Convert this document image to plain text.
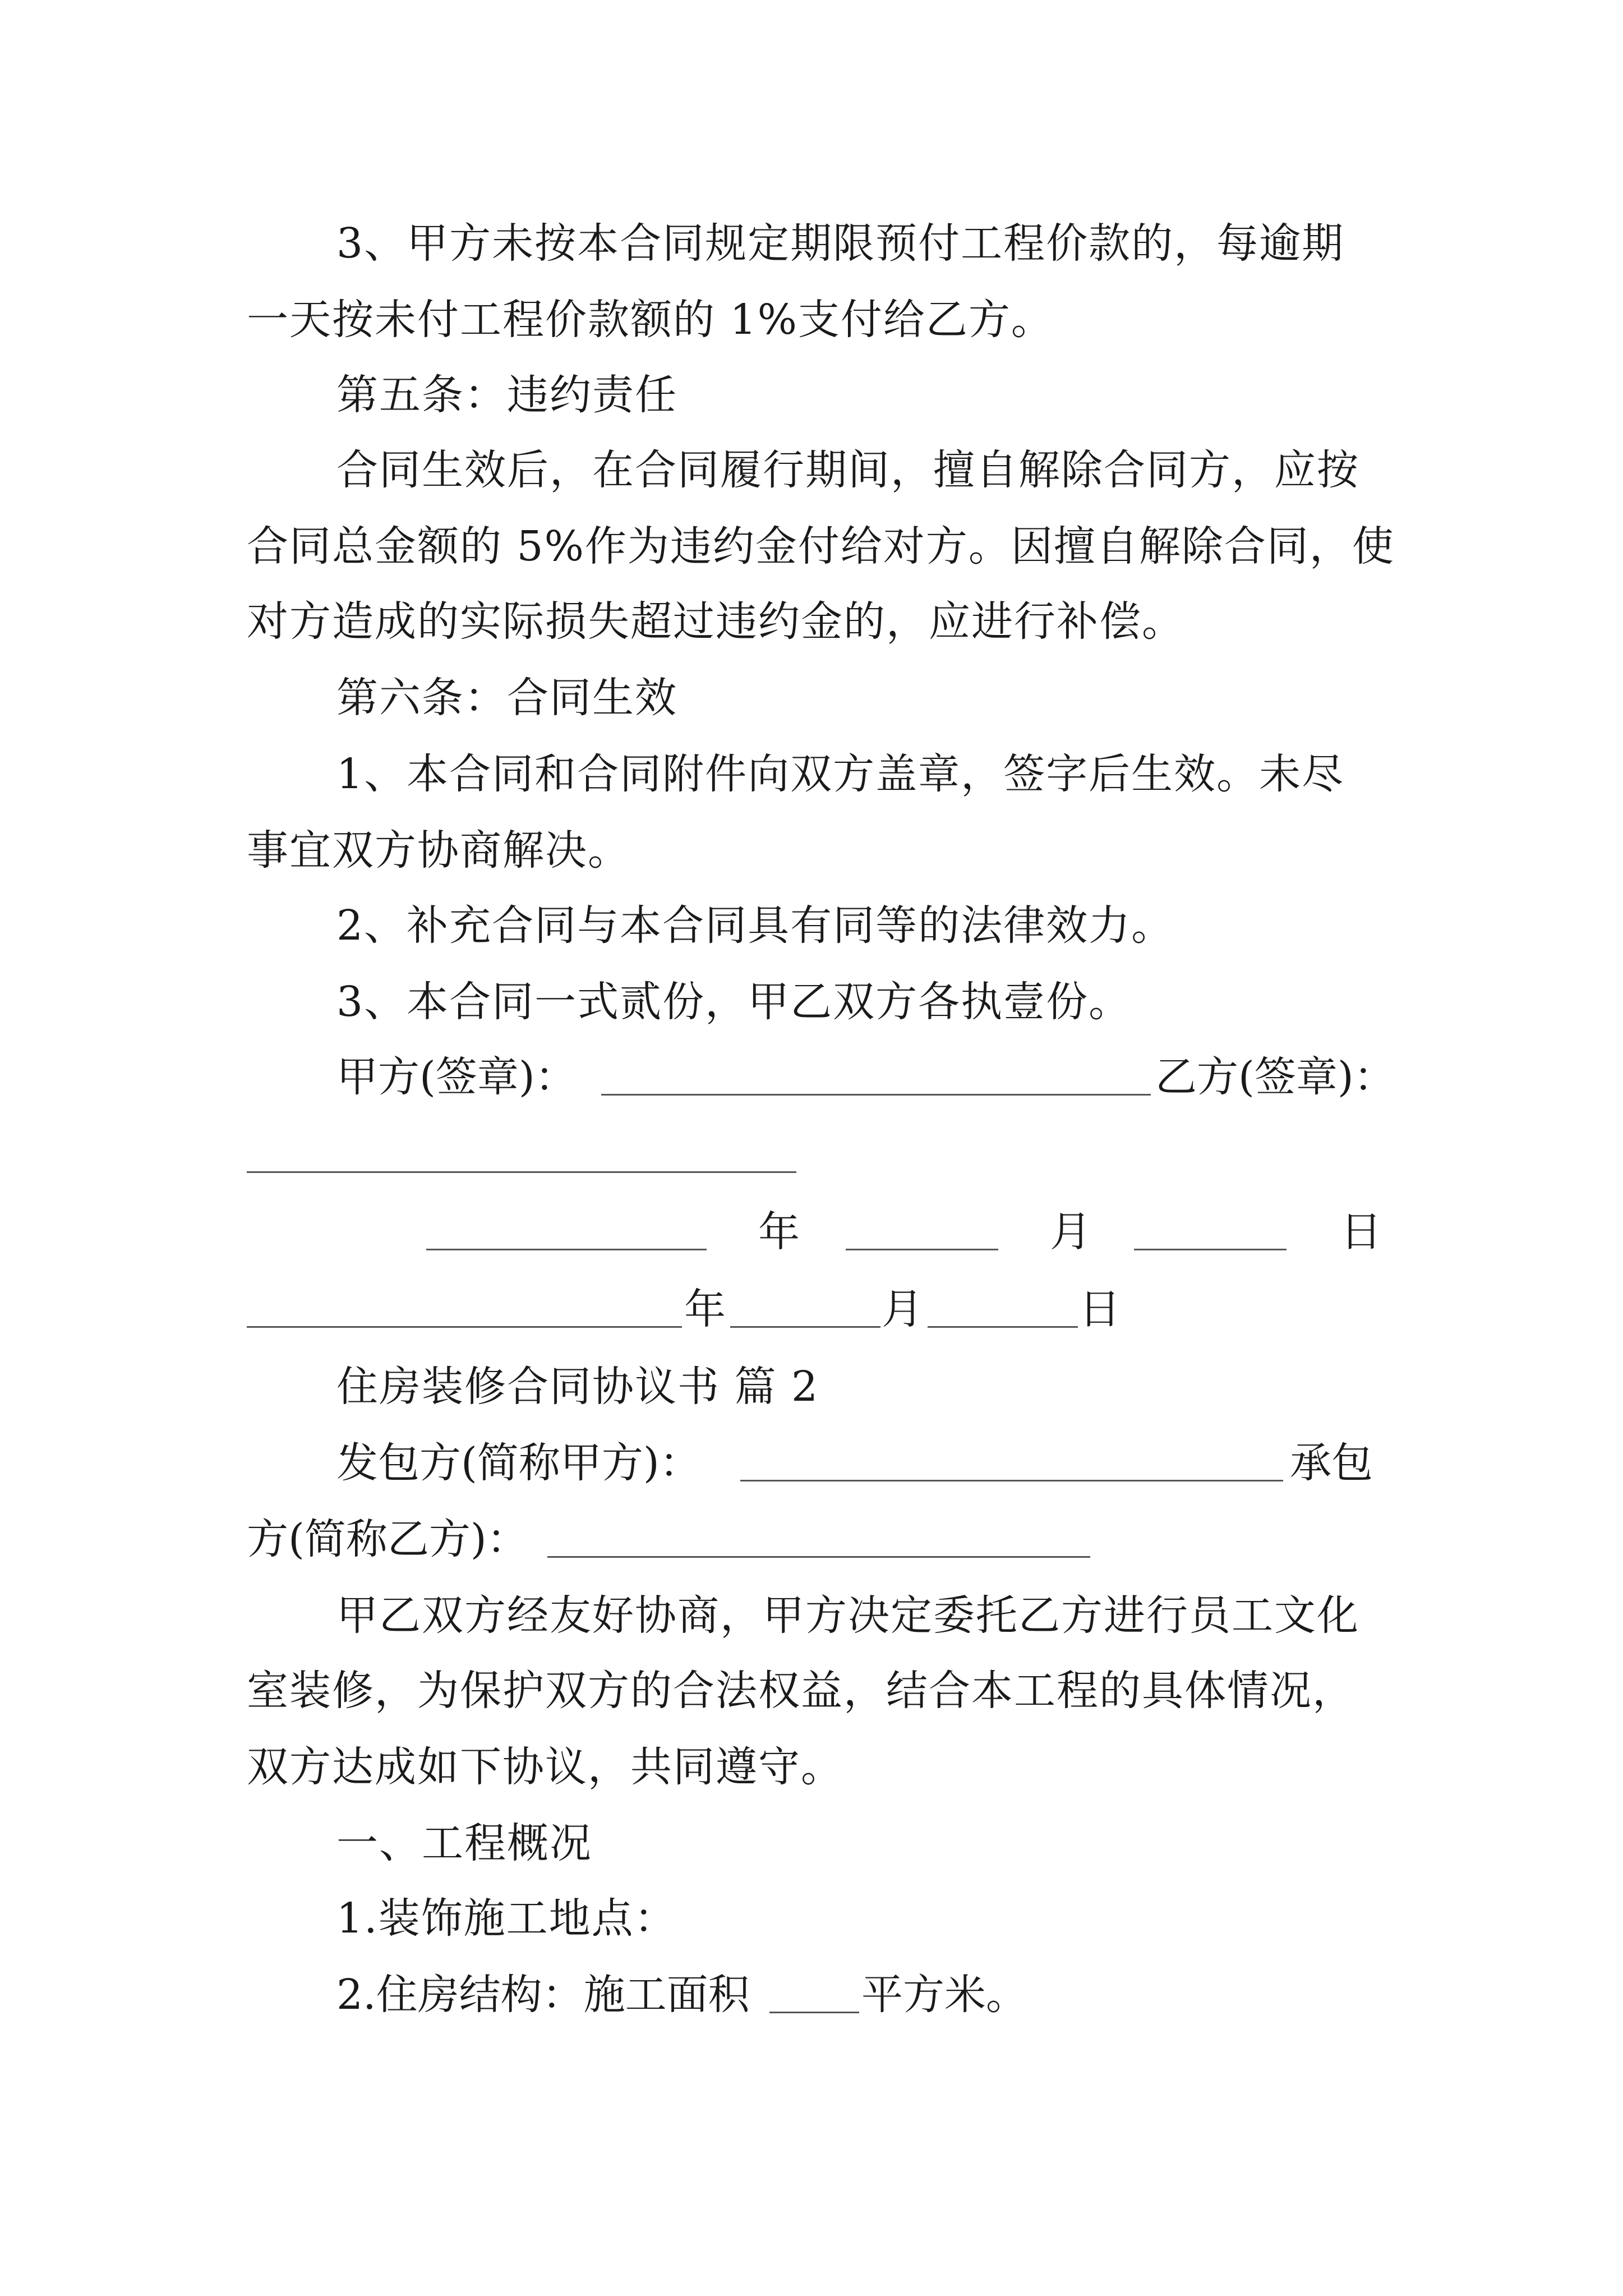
3、甲方未按本合同规定期限预付工程价款的，每逾期
一天按未付工程价款额的 1%支付给乙方。
第五条：违约责任
合同生效后，在合同履行期间，擅自解除合同方，应按
合同总金额的 5%作为违约金付给对方。因擅自解除合同，使
对方造成的实际损失超过违约金的，应进行补偿。
第六条：合同生效
1、本合同和合同附件向双方盖章，签字后生效。未尽
事宜双方协商解决。
2、补充合同与本合同具有同等的法律效力。
3、本合同一式贰份，甲乙双方各执壹份。
甲方(签章)：	乙方(签章)：
年	月	日
年	月	日
住房装修合同协议书 篇 2
发包方(简称甲方)：	承包
方(简称乙方)：
甲乙双方经友好协商，甲方决定委托乙方进行员工文化
室装修，为保护双方的合法权益，结合本工程的具体情况，
双方达成如下协议，共同遵守。
一、工程概况
1.装饰施工地点：
2.住房结构：施工面积	平方米。
